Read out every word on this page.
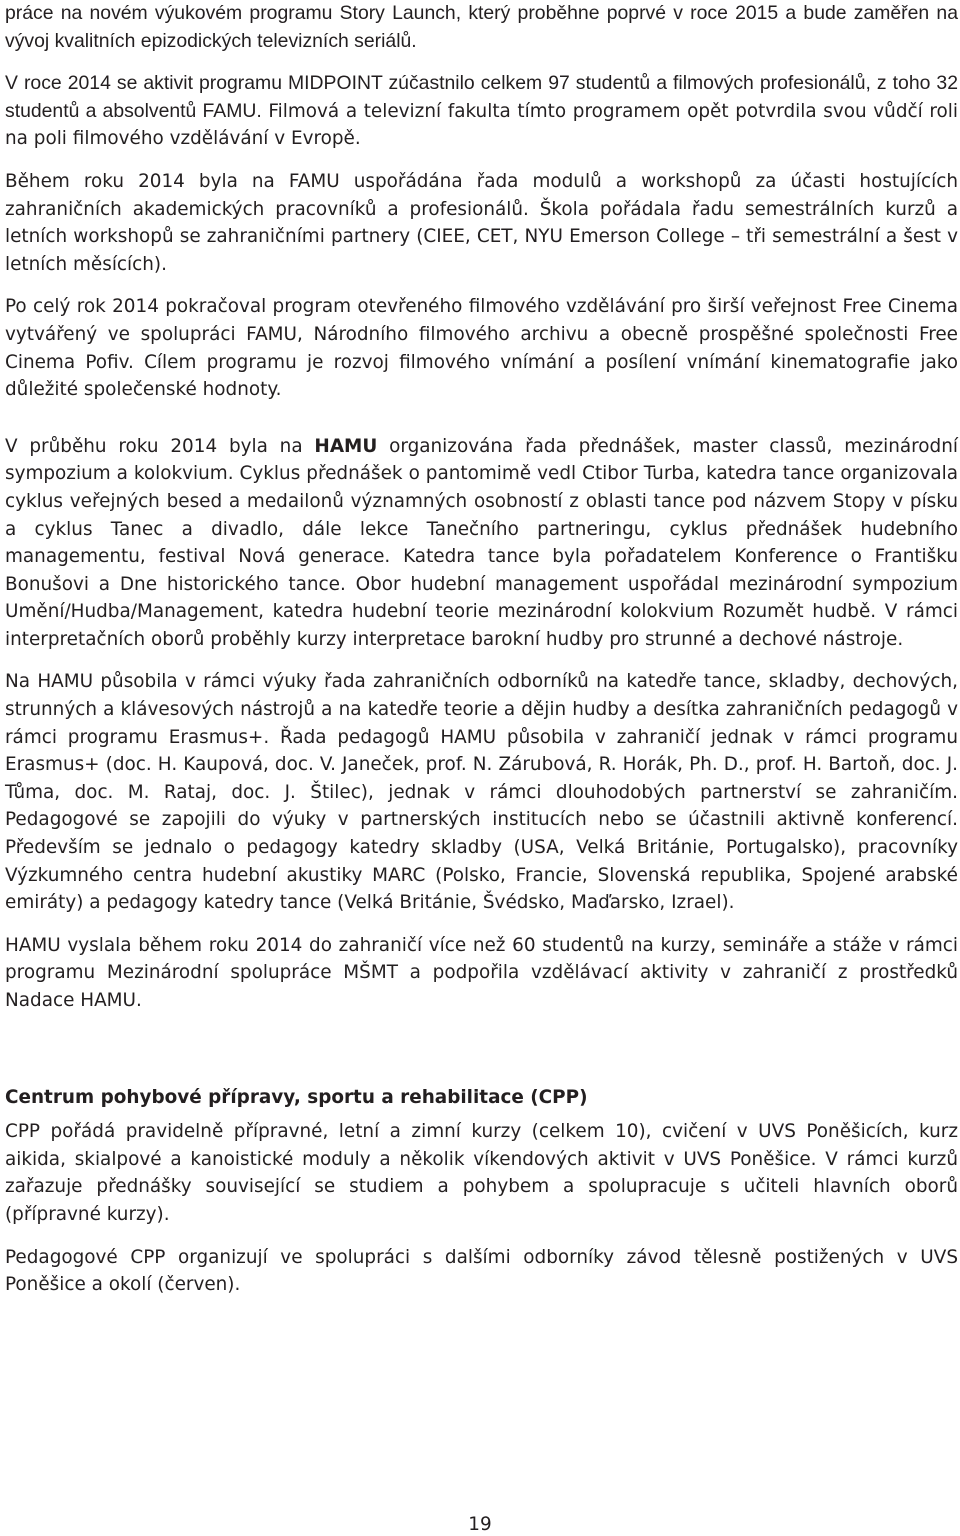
práce na novém výukovém programu Story Launch, který proběhne poprvé v roce 2015 a bude zaměřen na vývoj kvalitních epizodických televizních seriálů.

V roce 2014 se aktivit programu MIDPOINT zúčastnilo celkem 97 studentů a filmových profesionálů, z toho 32 studentů a absolventů FAMU. Filmová a televizní fakulta tímto programem opět potvrdila svou vůdčí roli na poli filmového vzdělávání v Evropě.

Během roku 2014 byla na FAMU uspořádána řada modulů a workshopů za účasti hostujících zahraničních akademických pracovníků a profesionálů. Škola pořádala řadu semestrálních kurzů a letních workshopů se zahraničními partnery (CIEE, CET, NYU Emerson College – tři semestrální a šest v letních měsících).

Po celý rok 2014 pokračoval program otevřeného filmového vzdělávání pro širší veřejnost Free Cinema vytvářený ve spolupráci FAMU, Národního filmového archivu a obecně prospěšné společnosti Free Cinema Pofiv. Cílem programu je rozvoj filmového vnímání a posílení vnímání kinematografie jako důležité společenské hodnoty.

V průběhu roku 2014 byla na HAMU organizována řada přednášek, master classů, mezinárodní sympozium a kolokvium. Cyklus přednášek o pantomimě vedl Ctibor Turba, katedra tance organizovala cyklus veřejných besed a medailonů významných osobností z oblasti tance pod názvem Stopy v písku a cyklus Tanec a divadlo, dále lekce Tanečního partneringu, cyklus přednášek hudebního managementu, festival Nová generace. Katedra tance byla pořadatelem Konference o Františku Bonušovi a Dne historického tance. Obor hudební management uspořádal mezinárodní sympozium Umění/Hudba/Management, katedra hudební teorie mezinárodní kolokvium Rozumět hudbě. V rámci interpretačních oborů proběhly kurzy interpretace barokní hudby pro strunné a dechové nástroje.

Na HAMU působila v rámci výuky řada zahraničních odborníků na katedře tance, skladby, dechových, strunných a klávesových nástrojů a na katedře teorie a dějin hudby a desítka zahraničních pedagogů v rámci programu Erasmus+. Řada pedagogů HAMU působila v zahraničí jednak v rámci programu Erasmus+ (doc. H. Kaupová, doc. V. Janeček, prof. N. Zárubová, R. Horák, Ph. D., prof. H. Bartoň, doc. J. Tůma, doc. M. Rataj, doc. J. Štilec), jednak v rámci dlouhodobých partnerství se zahraničím. Pedagogové se zapojili do výuky v partnerských institucích nebo se účastnili aktivně konferencí. Především se jednalo o pedagogy katedry skladby (USA, Velká Británie, Portugalsko), pracovníky Výzkumného centra hudební akustiky MARC (Polsko, Francie, Slovenská republika, Spojené arabské emiráty) a pedagogy katedry tance (Velká Británie, Švédsko, Maďarsko, Izrael).

HAMU vyslala během roku 2014 do zahraničí více než 60 studentů na kurzy, semináře a stáže v rámci programu Mezinárodní spolupráce MŠMT a podpořila vzdělávací aktivity v zahraničí z prostředků Nadace HAMU.

Centrum pohybové přípravy, sportu a rehabilitace (CPP)

CPP pořádá pravidelně přípravné, letní a zimní kurzy (celkem 10), cvičení v UVS Poněšicích, kurz aikida, skialpové a kanoistické moduly a několik víkendových aktivit v UVS Poněšice. V rámci kurzů zařazuje přednášky související se studiem a pohybem a spolupracuje s učiteli hlavních oborů (přípravné kurzy).

Pedagogové CPP organizují ve spolupráci s dalšími odborníky závod tělesně postižených v UVS Poněšice a okolí (červen).

19
